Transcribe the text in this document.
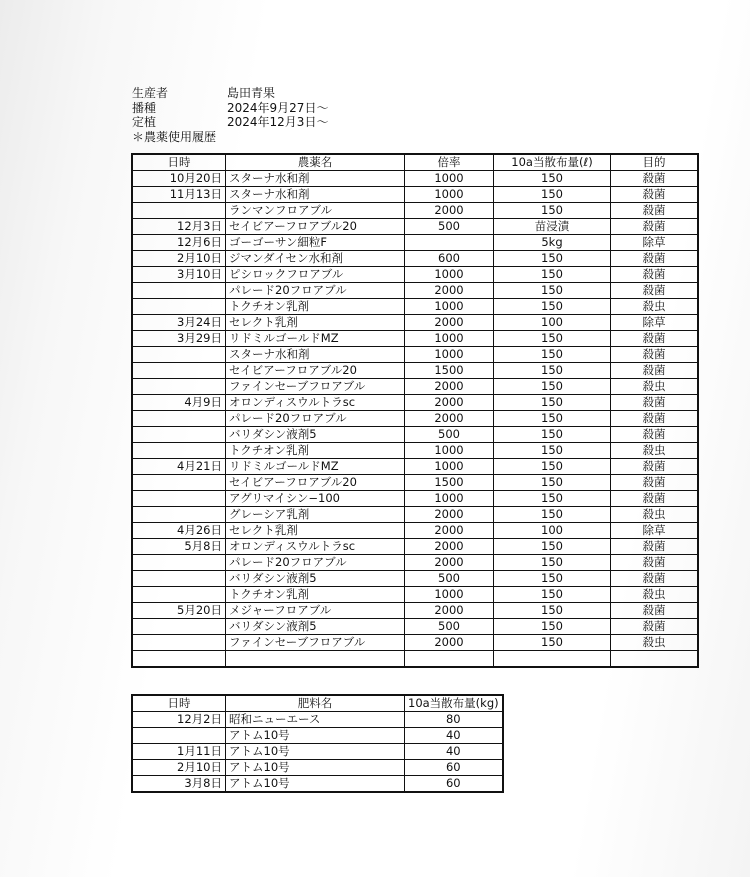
生産者	島田青果
播種	2024年9月27日～
定植	2024年12月3日～
＊農薬使用履歴
日時	農薬名	倍率	10a当散布量(ℓ)	目的
10月20日	スターナ水和剤	1000	150	殺菌
11月13日	スターナ水和剤	1000	150	殺菌
	ランマンフロアブル	2000	150	殺菌
12月3日	セイビアーフロアブル20	500	苗浸漬	殺菌
12月6日	ゴーゴーサン細粒F		5kg	除草
2月10日	ジマンダイセン水和剤	600	150	殺菌
3月10日	ピシロックフロアブル	1000	150	殺菌
	パレード20フロアブル	2000	150	殺菌
	トクチオン乳剤	1000	150	殺虫
3月24日	セレクト乳剤	2000	100	除草
3月29日	リドミルゴールドMZ	1000	150	殺菌
	スターナ水和剤	1000	150	殺菌
	セイビアーフロアブル20	1500	150	殺菌
	ファインセーブフロアブル	2000	150	殺虫
4月9日	オロンディスウルトラsc	2000	150	殺菌
	パレード20フロアブル	2000	150	殺菌
	バリダシン液剤5	500	150	殺菌
	トクチオン乳剤	1000	150	殺虫
4月21日	リドミルゴールドMZ	1000	150	殺菌
	セイビアーフロアブル20	1500	150	殺菌
	アグリマイシン−100	1000	150	殺菌
	グレーシア乳剤	2000	150	殺虫
4月26日	セレクト乳剤	2000	100	除草
5月8日	オロンディスウルトラsc	2000	150	殺菌
	パレード20フロアブル	2000	150	殺菌
	バリダシン液剤5	500	150	殺菌
	トクチオン乳剤	1000	150	殺虫
5月20日	メジャーフロアブル	2000	150	殺菌
	バリダシン液剤5	500	150	殺菌
	ファインセーブフロアブル	2000	150	殺虫

日時	肥料名	10a当散布量(kg)
12月2日	昭和ニューエース	80
	アトム10号	40
1月11日	アトム10号	40
2月10日	アトム10号	60
3月8日	アトム10号	60
